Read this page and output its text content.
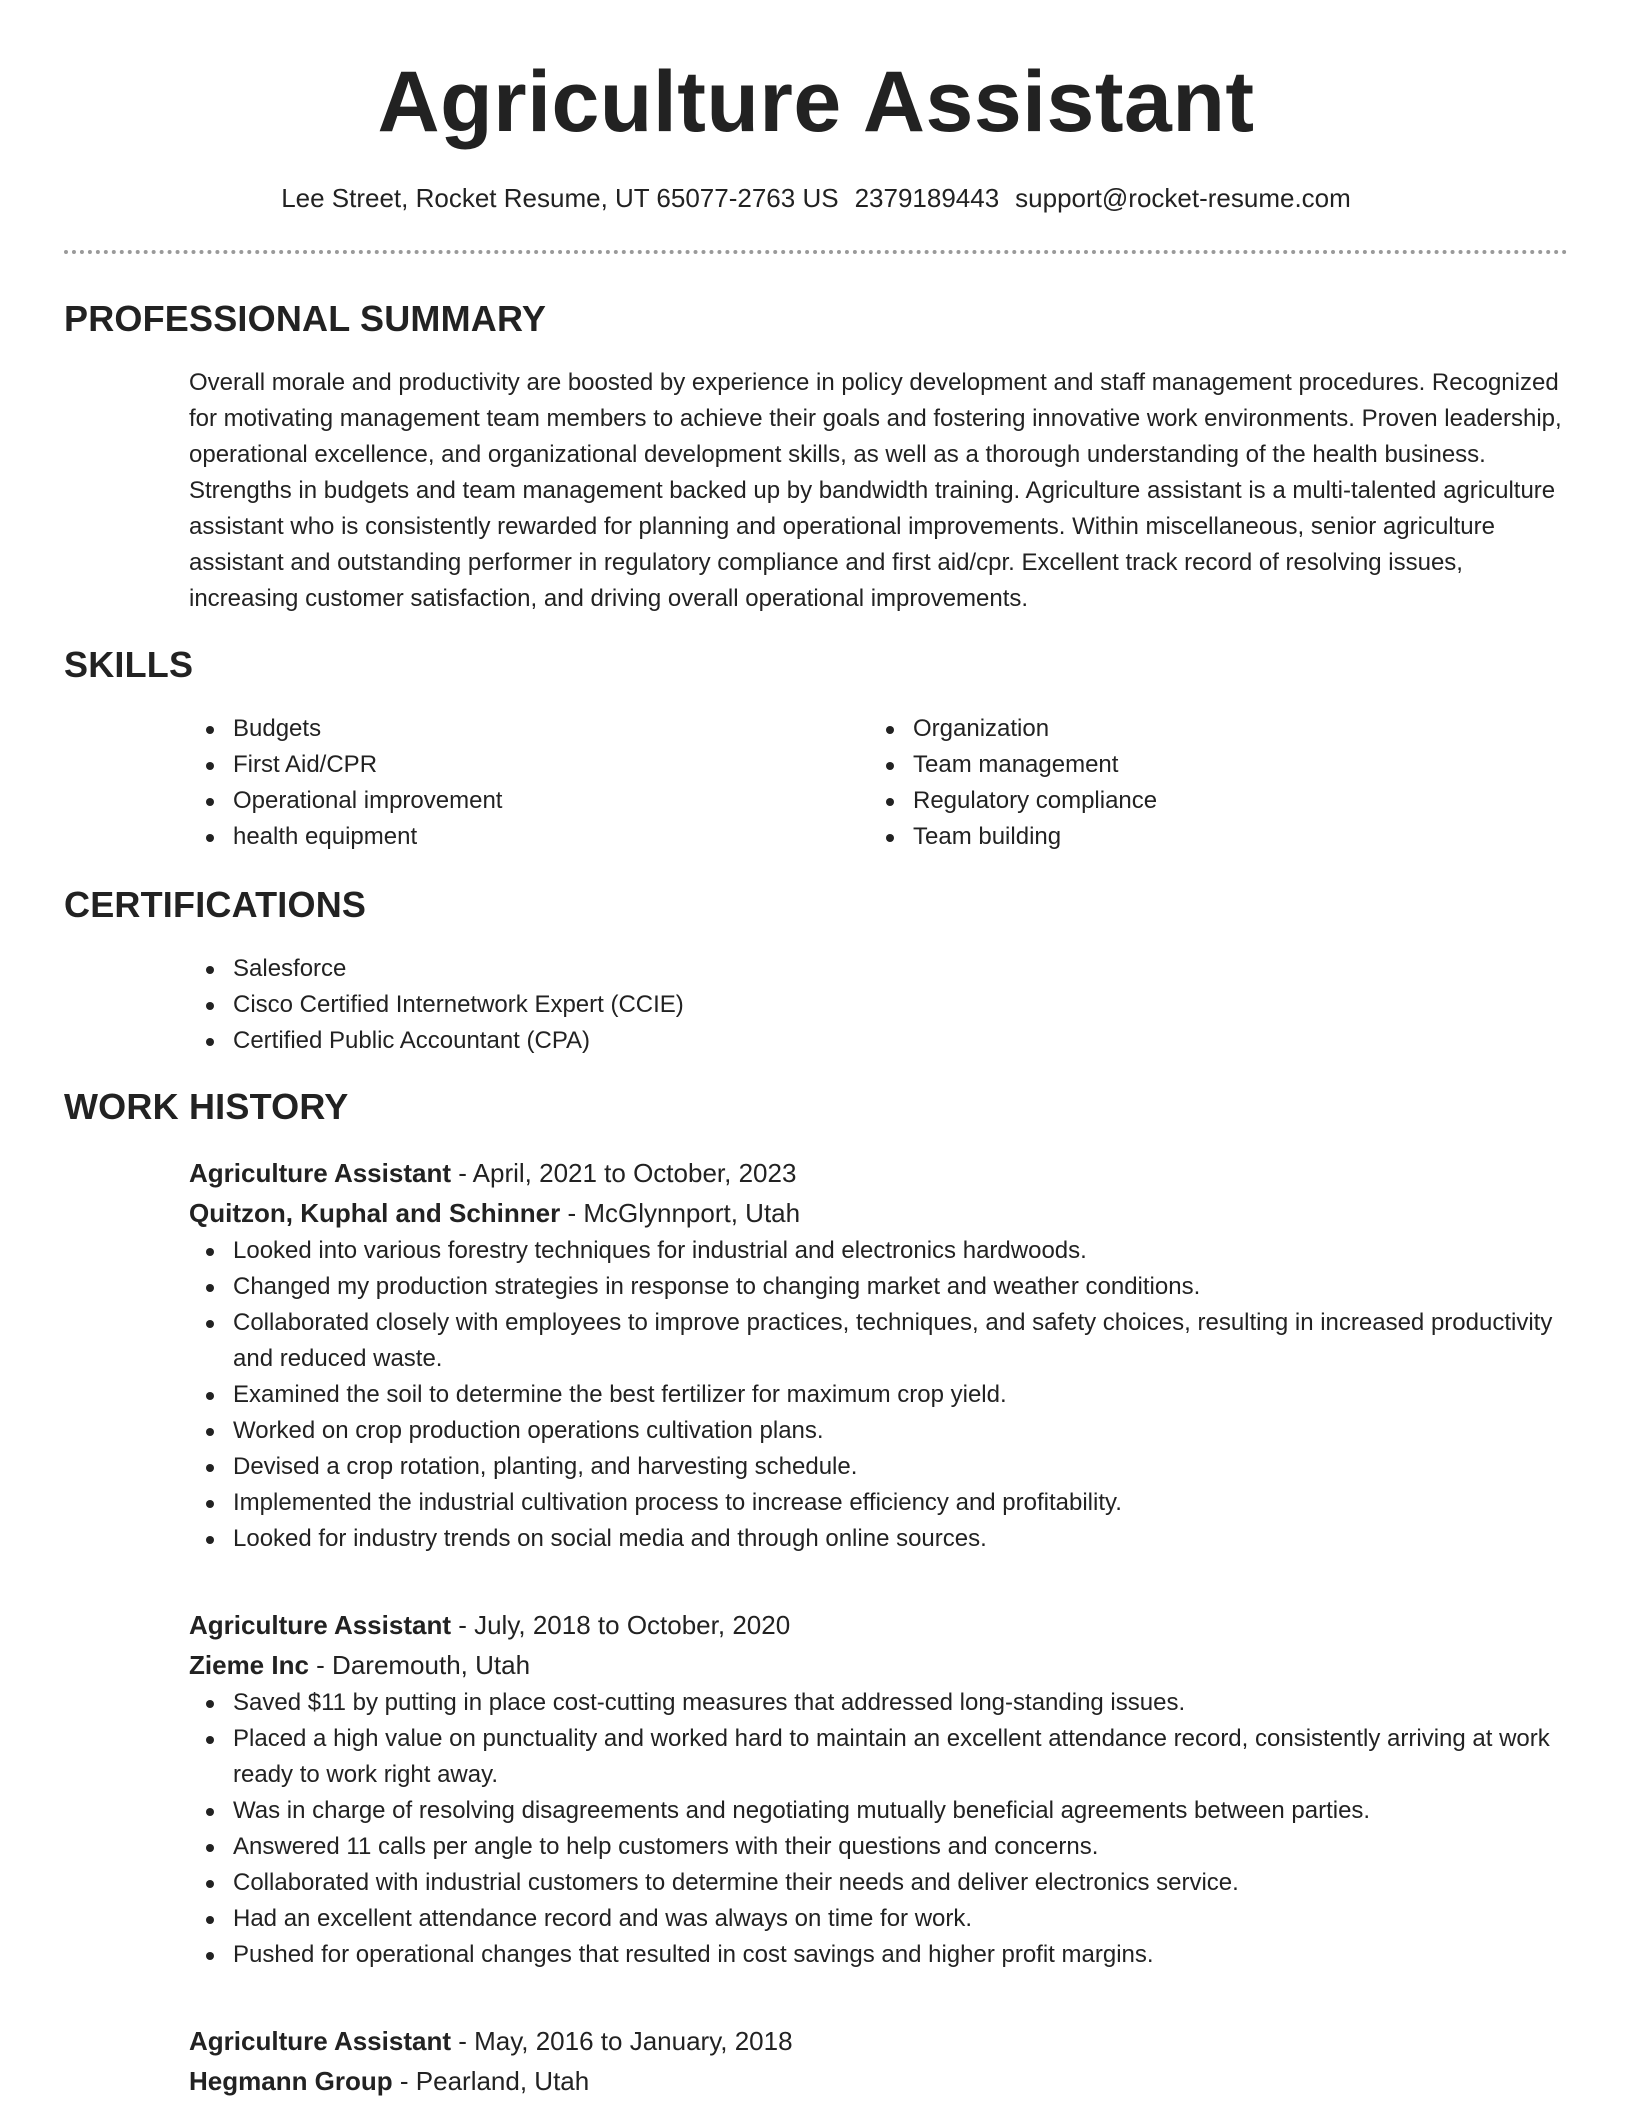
Agriculture Assistant
Lee Street, Rocket Resume, UT 65077-2763 US 2379189443 support@rocket-resume.com
PROFESSIONAL SUMMARY

Overall morale and productivity are boosted by experience in policy development and staff management procedures. Recognized for motivating management team members to achieve their goals and fostering innovative work environments. Proven leadership, operational excellence, and organizational development skills, as well as a thorough understanding of the health business. Strengths in budgets and team management backed up by bandwidth training. Agriculture assistant is a multi-talented agriculture assistant who is consistently rewarded for planning and operational improvements. Within miscellaneous, senior agriculture assistant and outstanding performer in regulatory compliance and first aid/cpr. Excellent track record of resolving issues, increasing customer satisfaction, and driving overall operational improvements.

SKILLS
Budgets
First Aid/CPR
Operational improvement
health equipment
Organization
Team management
Regulatory compliance
Team building
CERTIFICATIONS
Salesforce
Cisco Certified Internetwork Expert (CCIE)
Certified Public Accountant (CPA)
WORK HISTORY
Agriculture Assistant - April, 2021 to October, 2023
Quitzon, Kuphal and Schinner - McGlynnport, Utah
Looked into various forestry techniques for industrial and electronics hardwoods.
Changed my production strategies in response to changing market and weather conditions.
Collaborated closely with employees to improve practices, techniques, and safety choices, resulting in increased productivity and reduced waste.
Examined the soil to determine the best fertilizer for maximum crop yield.
Worked on crop production operations cultivation plans.
Devised a crop rotation, planting, and harvesting schedule.
Implemented the industrial cultivation process to increase efficiency and profitability.
Looked for industry trends on social media and through online sources.
Agriculture Assistant - July, 2018 to October, 2020
Zieme Inc - Daremouth, Utah
Saved $11 by putting in place cost-cutting measures that addressed long-standing issues.
Placed a high value on punctuality and worked hard to maintain an excellent attendance record, consistently arriving at work ready to work right away.
Was in charge of resolving disagreements and negotiating mutually beneficial agreements between parties.
Answered 11 calls per angle to help customers with their questions and concerns.
Collaborated with industrial customers to determine their needs and deliver electronics service.
Had an excellent attendance record and was always on time for work.
Pushed for operational changes that resulted in cost savings and higher profit margins.
Agriculture Assistant - May, 2016 to January, 2018
Hegmann Group - Pearland, Utah
